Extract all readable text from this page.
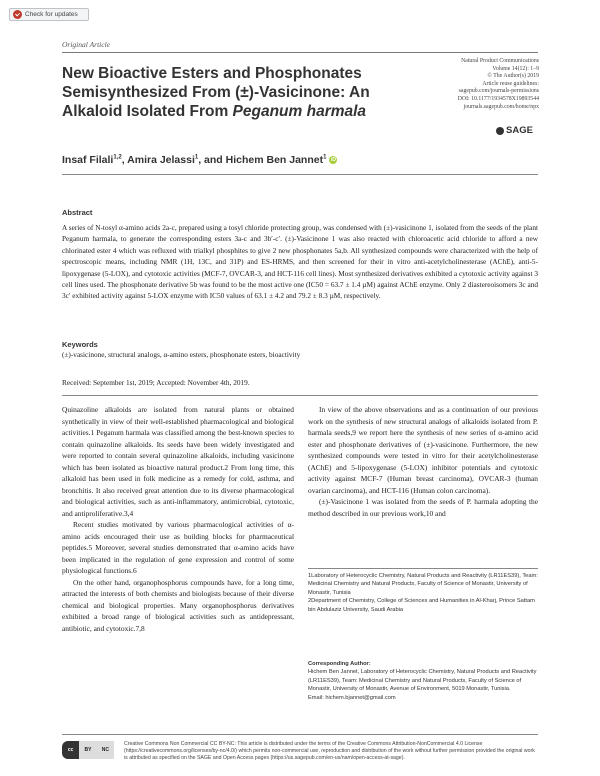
Check for updates
Original Article
New Bioactive Esters and Phosphonates Semisynthesized From (±)-Vasicinone: An Alkaloid Isolated From Peganum harmala
Natural Product Communications
Volume 14(12): 1–9
© The Author(s) 2019
Article reuse guidelines:
sagepub.com/journals-permissions
DOI: 10.1177/1934578X19893544
journals.sagepub.com/home/npx
SAGE
Insaf Filali$^{1,2}$, Amira Jelassi$^1$, and Hichem Ben Jannet$^1$ iD
Abstract

A series of N-tosyl α-amino acids 2a-c, prepared using a tosyl chloride protecting group, was condensed with (±)-vasicinone 1, isolated from the seeds of the plant Peganum harmala, to generate the corresponding esters 3a-c and 3b′-c′. (±)-Vasicinone 1 was also reacted with chloroacetic acid chloride to afford a new chlorinated ester 4 which was refluxed with trialkyl phosphites to give 2 new phosphonates 5a,b. All synthesized compounds were characterized with the help of spectroscopic means, including NMR (1H, 13C, and 31P) and ES-HRMS, and then screened for their in vitro anti-acetylcholinesterase (AChE), anti-5-lipoxygenase (5-LOX), and cytotoxic activities (MCF-7, OVCAR-3, and HCT-116 cell lines). Most synthesized derivatives exhibited a cytotoxic activity against 3 cell lines used. The phosphonate derivative 5b was found to be the most active one (IC50 = 63.7 ± 1.4 µM) against AChE enzyme. Only 2 diastereoisomers 3c and 3c′ exhibited activity against 5-LOX enzyme with IC50 values of 63.1 ± 4.2 and 79.2 ± 8.3 µM, respectively.

Keywords
(±)-vasicinone, structural analogs, α-amino esters, phosphonate esters, bioactivity
Received: September 1st, 2019; Accepted: November 4th, 2019.

Quinazoline alkaloids are isolated from natural plants or obtained synthetically in view of their well-established pharmacological and biological activities.1 Peganum harmala was classified among the best-known species to contain quinazoline alkaloids. Its seeds have been widely investigated and were reported to contain several quinazoline alkaloids, including vasicinone which has been isolated as bioactive natural product.2 From long time, this alkaloid has been used in folk medicine as a remedy for cold, asthma, and bronchitis. It also received great attention due to its diverse pharmacological and biological activities, such as anti-inflammatory, antimicrobial, cytotoxic, and antiproliferative.3,4

Recent studies motivated by various pharmacological activities of α-amino acids encouraged their use as building blocks for pharmaceutical peptides.5 Moreover, several studies demonstrated that α-amino acids have been implicated in the regulation of gene expression and control of some physiological functions.6

On the other hand, organophosphorus compounds have, for a long time, attracted the interests of both chemists and biologists because of their diverse chemical and biological properties. Many organophosphorus derivatives exhibited a broad range of biological activities such as antidepressant, antibiotic, and cytotoxic.7,8

In view of the above observations and as a continuation of our previous work on the synthesis of new structural analogs of alkaloids isolated from P. harmala seeds,9 we report here the synthesis of new series of α-amino acid ester and phosphonate derivatives of (±)-vasicinone. Furthermore, the new synthesized compounds were tested in vitro for their acetylcholinesterase (AChE) and 5-lipoxygenase (5-LOX) inhibitor potentials and cytotoxic activity against MCF-7 (Human breast carcinoma), OVCAR-3 (human ovarian carcinoma), and HCT-116 (Human colon carcinoma).

(±)-Vasicinone 1 was isolated from the seeds of P. harmala adopting the method described in our previous work,10 and

1Laboratory of Heterocyclic Chemistry, Natural Products and Reactivity (LR11ES39), Team: Medicinal Chemistry and Natural Products, Faculty of Science of Monastir, University of Monastir, Tunisia

2Department of Chemistry, College of Sciences and Humanities in Al-Kharj, Prince Sattam bin Abdulaziz University, Saudi Arabia

Corresponding Author:

Hichem Ben Jannet, Laboratory of Heterocyclic Chemistry, Natural Products and Reactivity (LR11ES39), Team: Medicinal Chemistry and Natural Products, Faculty of Science of Monastir, University of Monastir, Avenue of Environment, 5019 Monastir, Tunisia.

Email: hichem.bjannet@gmail.com

cc	BY	NC
Creative Commons Non Commercial CC BY-NC: This article is distributed under the terms of the Creative Commons Attribution-NonCommercial 4.0 License (https://creativecommons.org/licenses/by-nc/4.0/) which permits non-commercial use, reproduction and distribution of the work without further permission provided the original work is attributed as specified on the SAGE and Open Access pages (https://us.sagepub.com/en-us/nam/open-access-at-sage).
